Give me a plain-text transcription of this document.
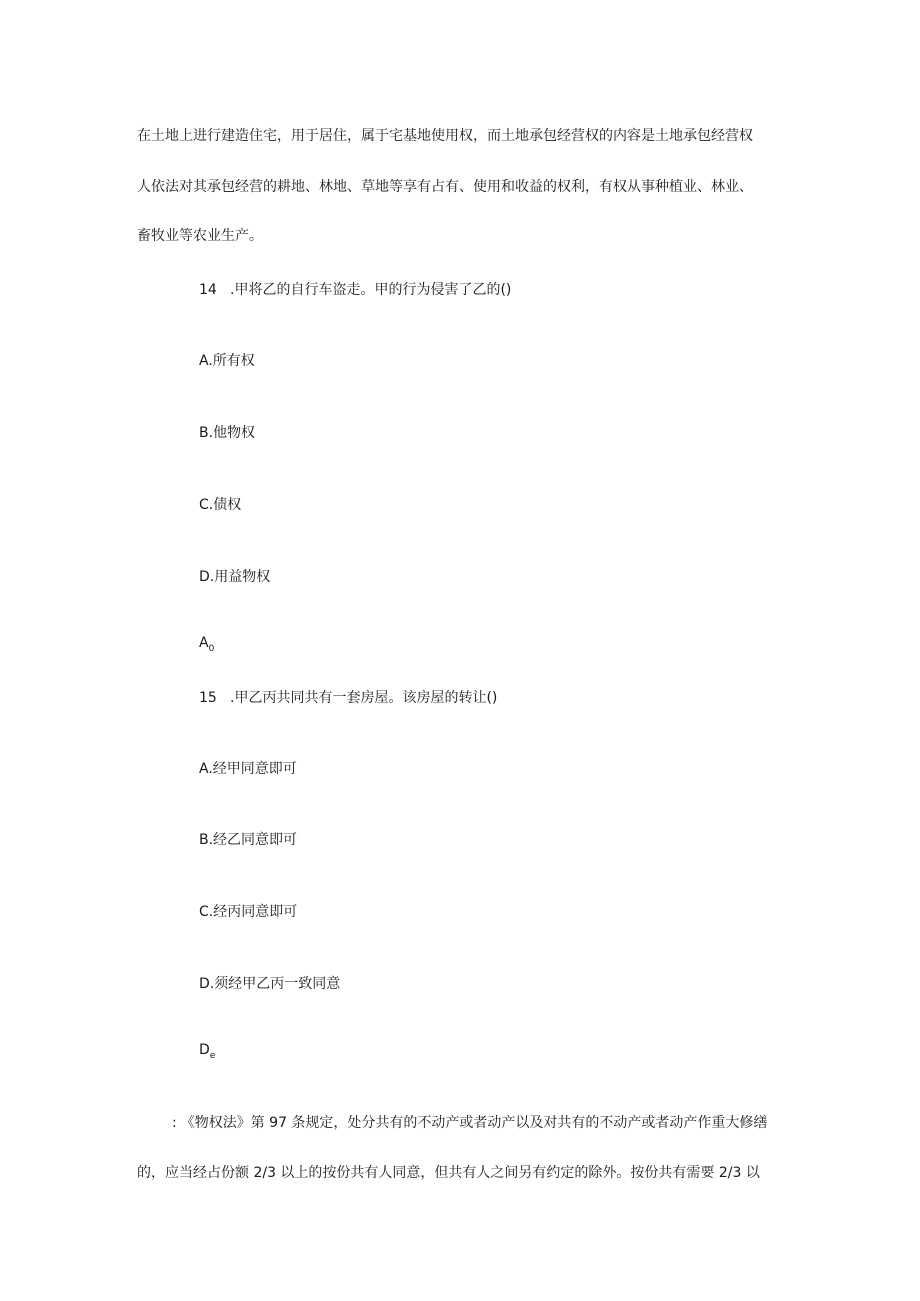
在土地上进行建造住宅，用于居住，属于宅基地使用权，而土地承包经营权的内容是土地承包经营权
人依法对其承包经营的耕地、林地、草地等享有占有、使用和收益的权利，有权从事种植业、林业、
畜牧业等农业生产。
14 .甲将乙的自行车盗走。甲的行为侵害了乙的()
A.所有权
B.他物权
C.债权
D.用益物权
$A_0$
15 .甲乙丙共同共有一套房屋。该房屋的转让()
A.经甲同意即可
B.经乙同意即可
C.经丙同意即可
D.须经甲乙丙一致同意
$D_e$
: 《物权法》第 97 条规定，处分共有的不动产或者动产以及对共有的不动产或者动产作重大修缮
的，应当经占份额 2/3 以上的按份共有人同意，但共有人之间另有约定的除外。按份共有需要 2/3 以
